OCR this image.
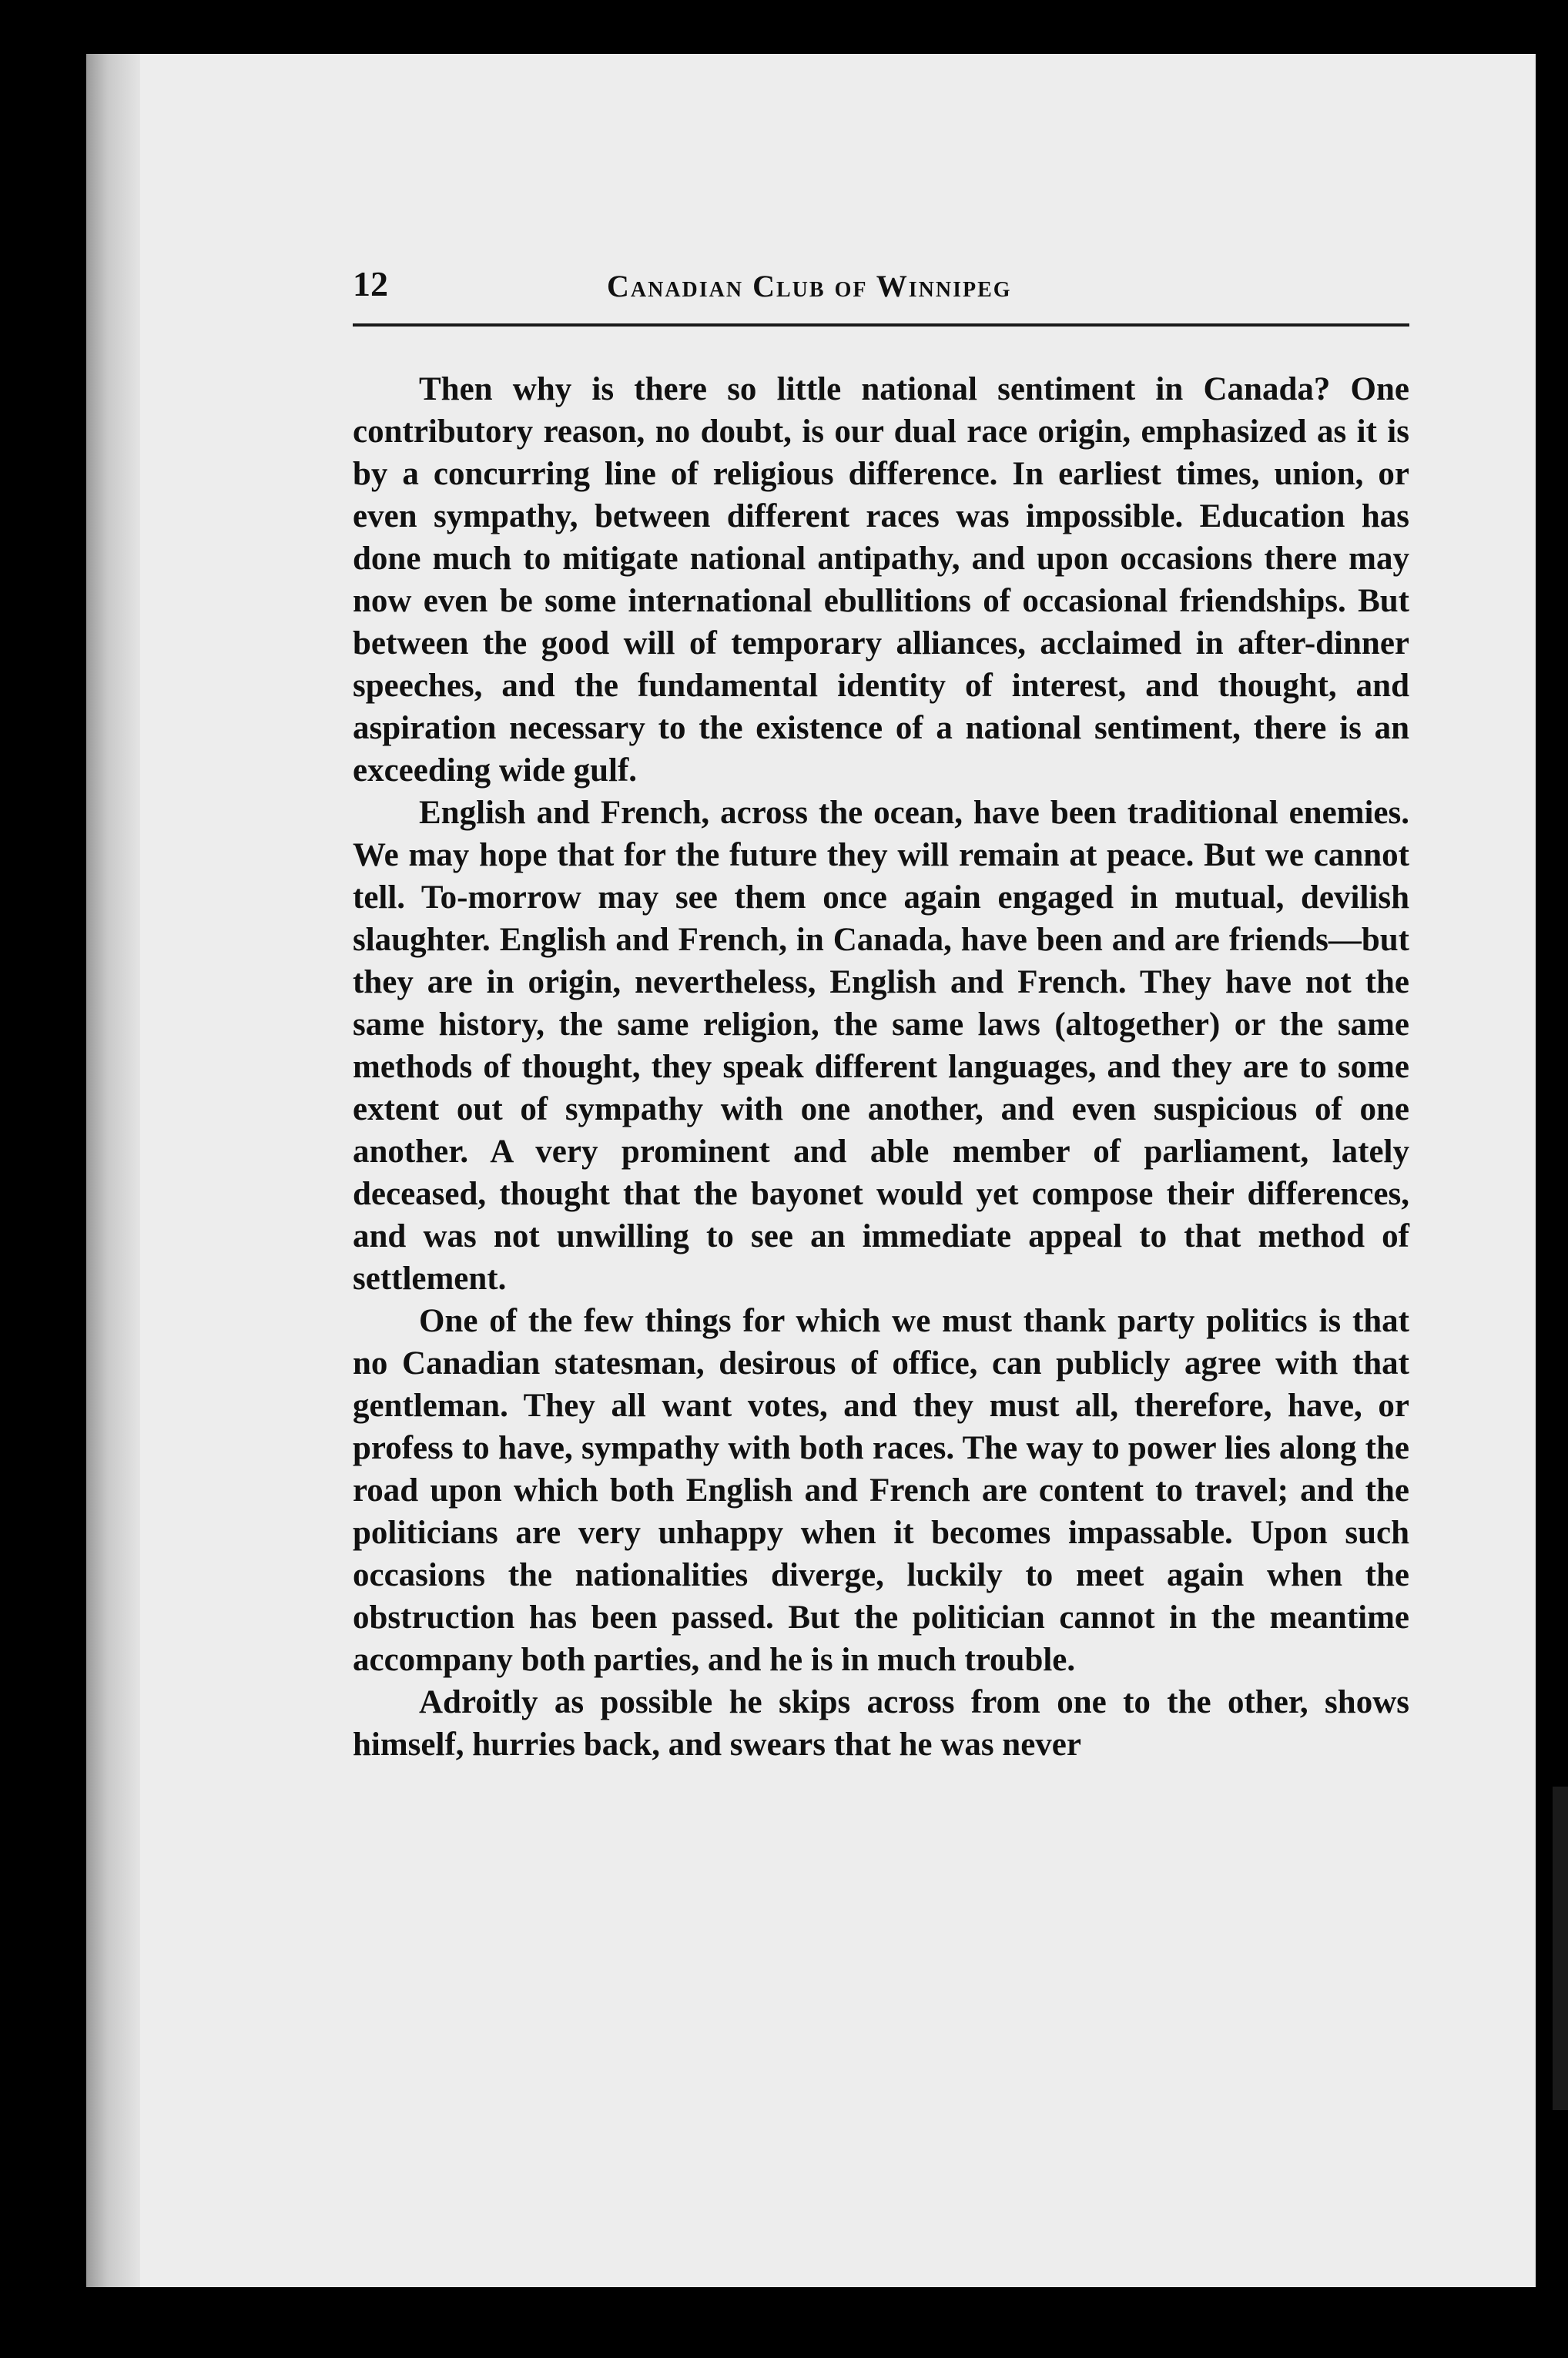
12	Canadian Club of Winnipeg

Then why is there so little national sentiment in Canada? One contributory reason, no doubt, is our dual race origin, emphasized as it is by a concurring line of religious difference. In earliest times, union, or even sympathy, between different races was impossible. Education has done much to mitigate national antipathy, and upon occasions there may now even be some international ebullitions of occasional friendships. But between the good will of temporary alliances, acclaimed in after-dinner speeches, and the fundamental identity of interest, and thought, and aspiration necessary to the existence of a national sentiment, there is an exceeding wide gulf.

English and French, across the ocean, have been traditional enemies. We may hope that for the future they will remain at peace. But we cannot tell. To-morrow may see them once again engaged in mutual, devilish slaughter. English and French, in Canada, have been and are friends—but they are in origin, nevertheless, English and French. They have not the same history, the same religion, the same laws (altogether) or the same methods of thought, they speak different languages, and they are to some extent out of sympathy with one another, and even suspicious of one another. A very prominent and able member of parliament, lately deceased, thought that the bayonet would yet compose their differences, and was not unwilling to see an immediate appeal to that method of settlement.

One of the few things for which we must thank party politics is that no Canadian statesman, desirous of office, can publicly agree with that gentleman. They all want votes, and they must all, therefore, have, or profess to have, sympathy with both races. The way to power lies along the road upon which both English and French are content to travel; and the politicians are very unhappy when it becomes impassable. Upon such occasions the nationalities diverge, luckily to meet again when the obstruction has been passed. But the politician cannot in the meantime accompany both parties, and he is in much trouble.

Adroitly as possible he skips across from one to the other, shows himself, hurries back, and swears that he was never
